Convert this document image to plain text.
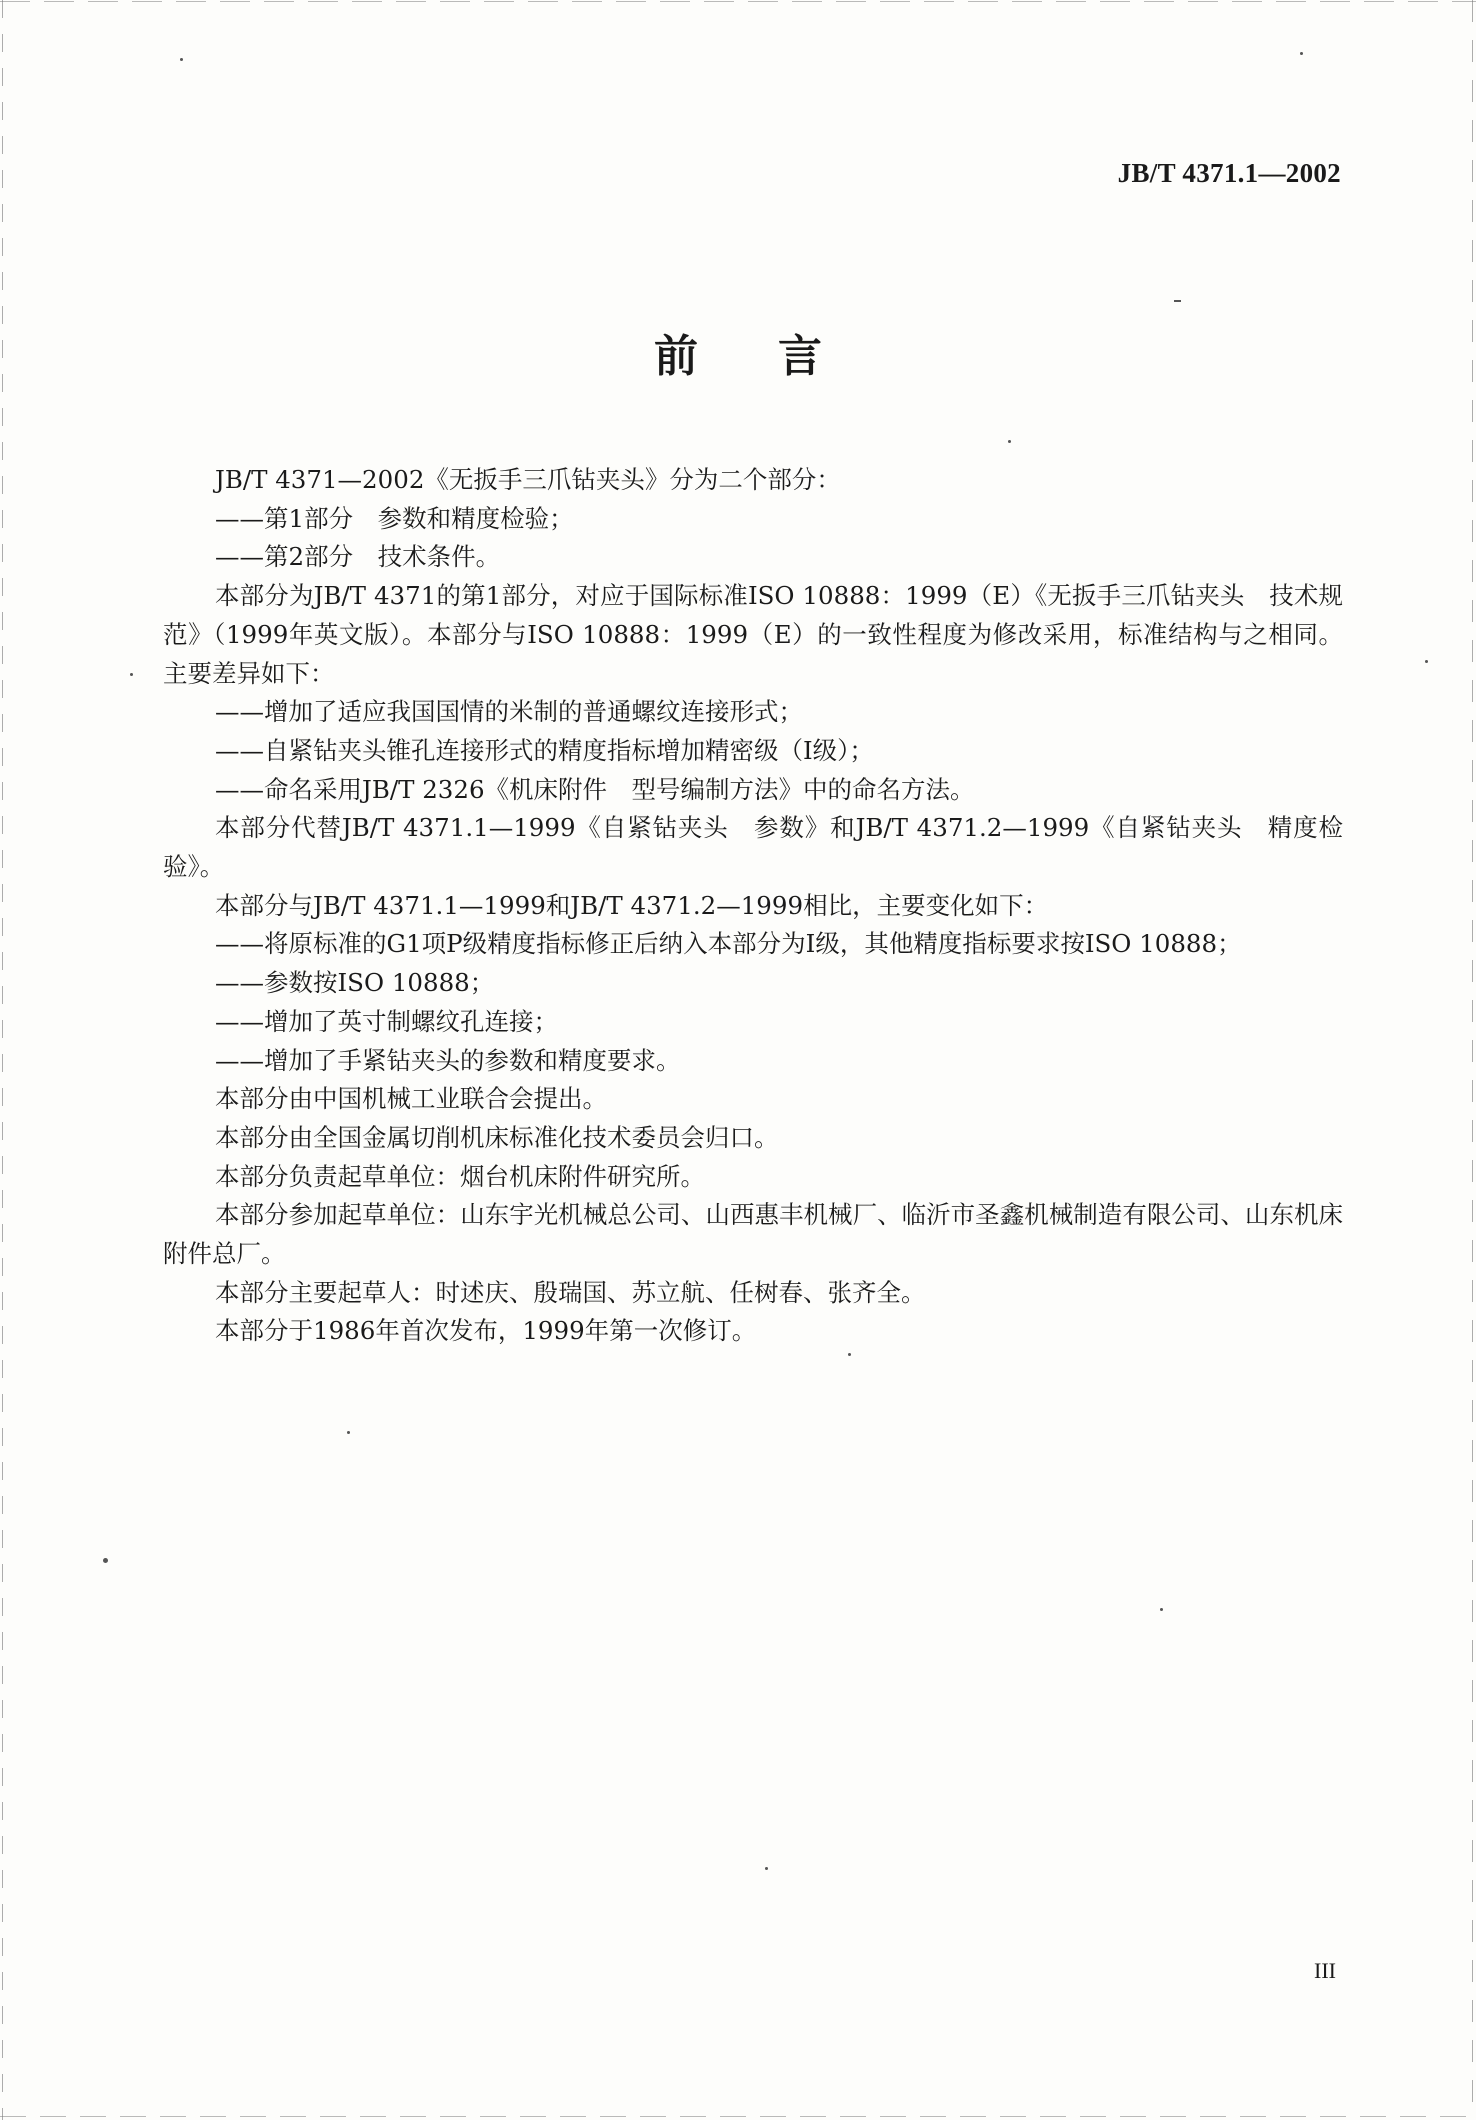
JB/T 4371.1—2002
前言

JB/T 4371—2002《无扳手三爪钻夹头》分为二个部分：

——第1部分　参数和精度检验；

——第2部分　技术条件。

本部分为JB/T 4371的第1部分，对应于国际标准ISO 10888：1999（E）《无扳手三爪钻夹头　技术规范》（1999年英文版）。本部分与ISO 10888：1999（E）的一致性程度为修改采用，标准结构与之相同。主要差异如下：

——增加了适应我国国情的米制的普通螺纹连接形式；

——自紧钻夹头锥孔连接形式的精度指标增加精密级（I级）；

——命名采用JB/T 2326《机床附件　型号编制方法》中的命名方法。

本部分代替JB/T 4371.1—1999《自紧钻夹头　参数》和JB/T 4371.2—1999《自紧钻夹头　精度检验》。

本部分与JB/T 4371.1—1999和JB/T 4371.2—1999相比，主要变化如下：

——将原标准的G1项P级精度指标修正后纳入本部分为I级，其他精度指标要求按ISO 10888；

——参数按ISO 10888；

——增加了英寸制螺纹孔连接；

——增加了手紧钻夹头的参数和精度要求。

本部分由中国机械工业联合会提出。

本部分由全国金属切削机床标准化技术委员会归口。

本部分负责起草单位：烟台机床附件研究所。

本部分参加起草单位：山东宇光机械总公司、山西惠丰机械厂、临沂市圣鑫机械制造有限公司、山东机床附件总厂。

本部分主要起草人：时述庆、殷瑞国、苏立航、任树春、张齐全。

本部分于1986年首次发布，1999年第一次修订。

III
